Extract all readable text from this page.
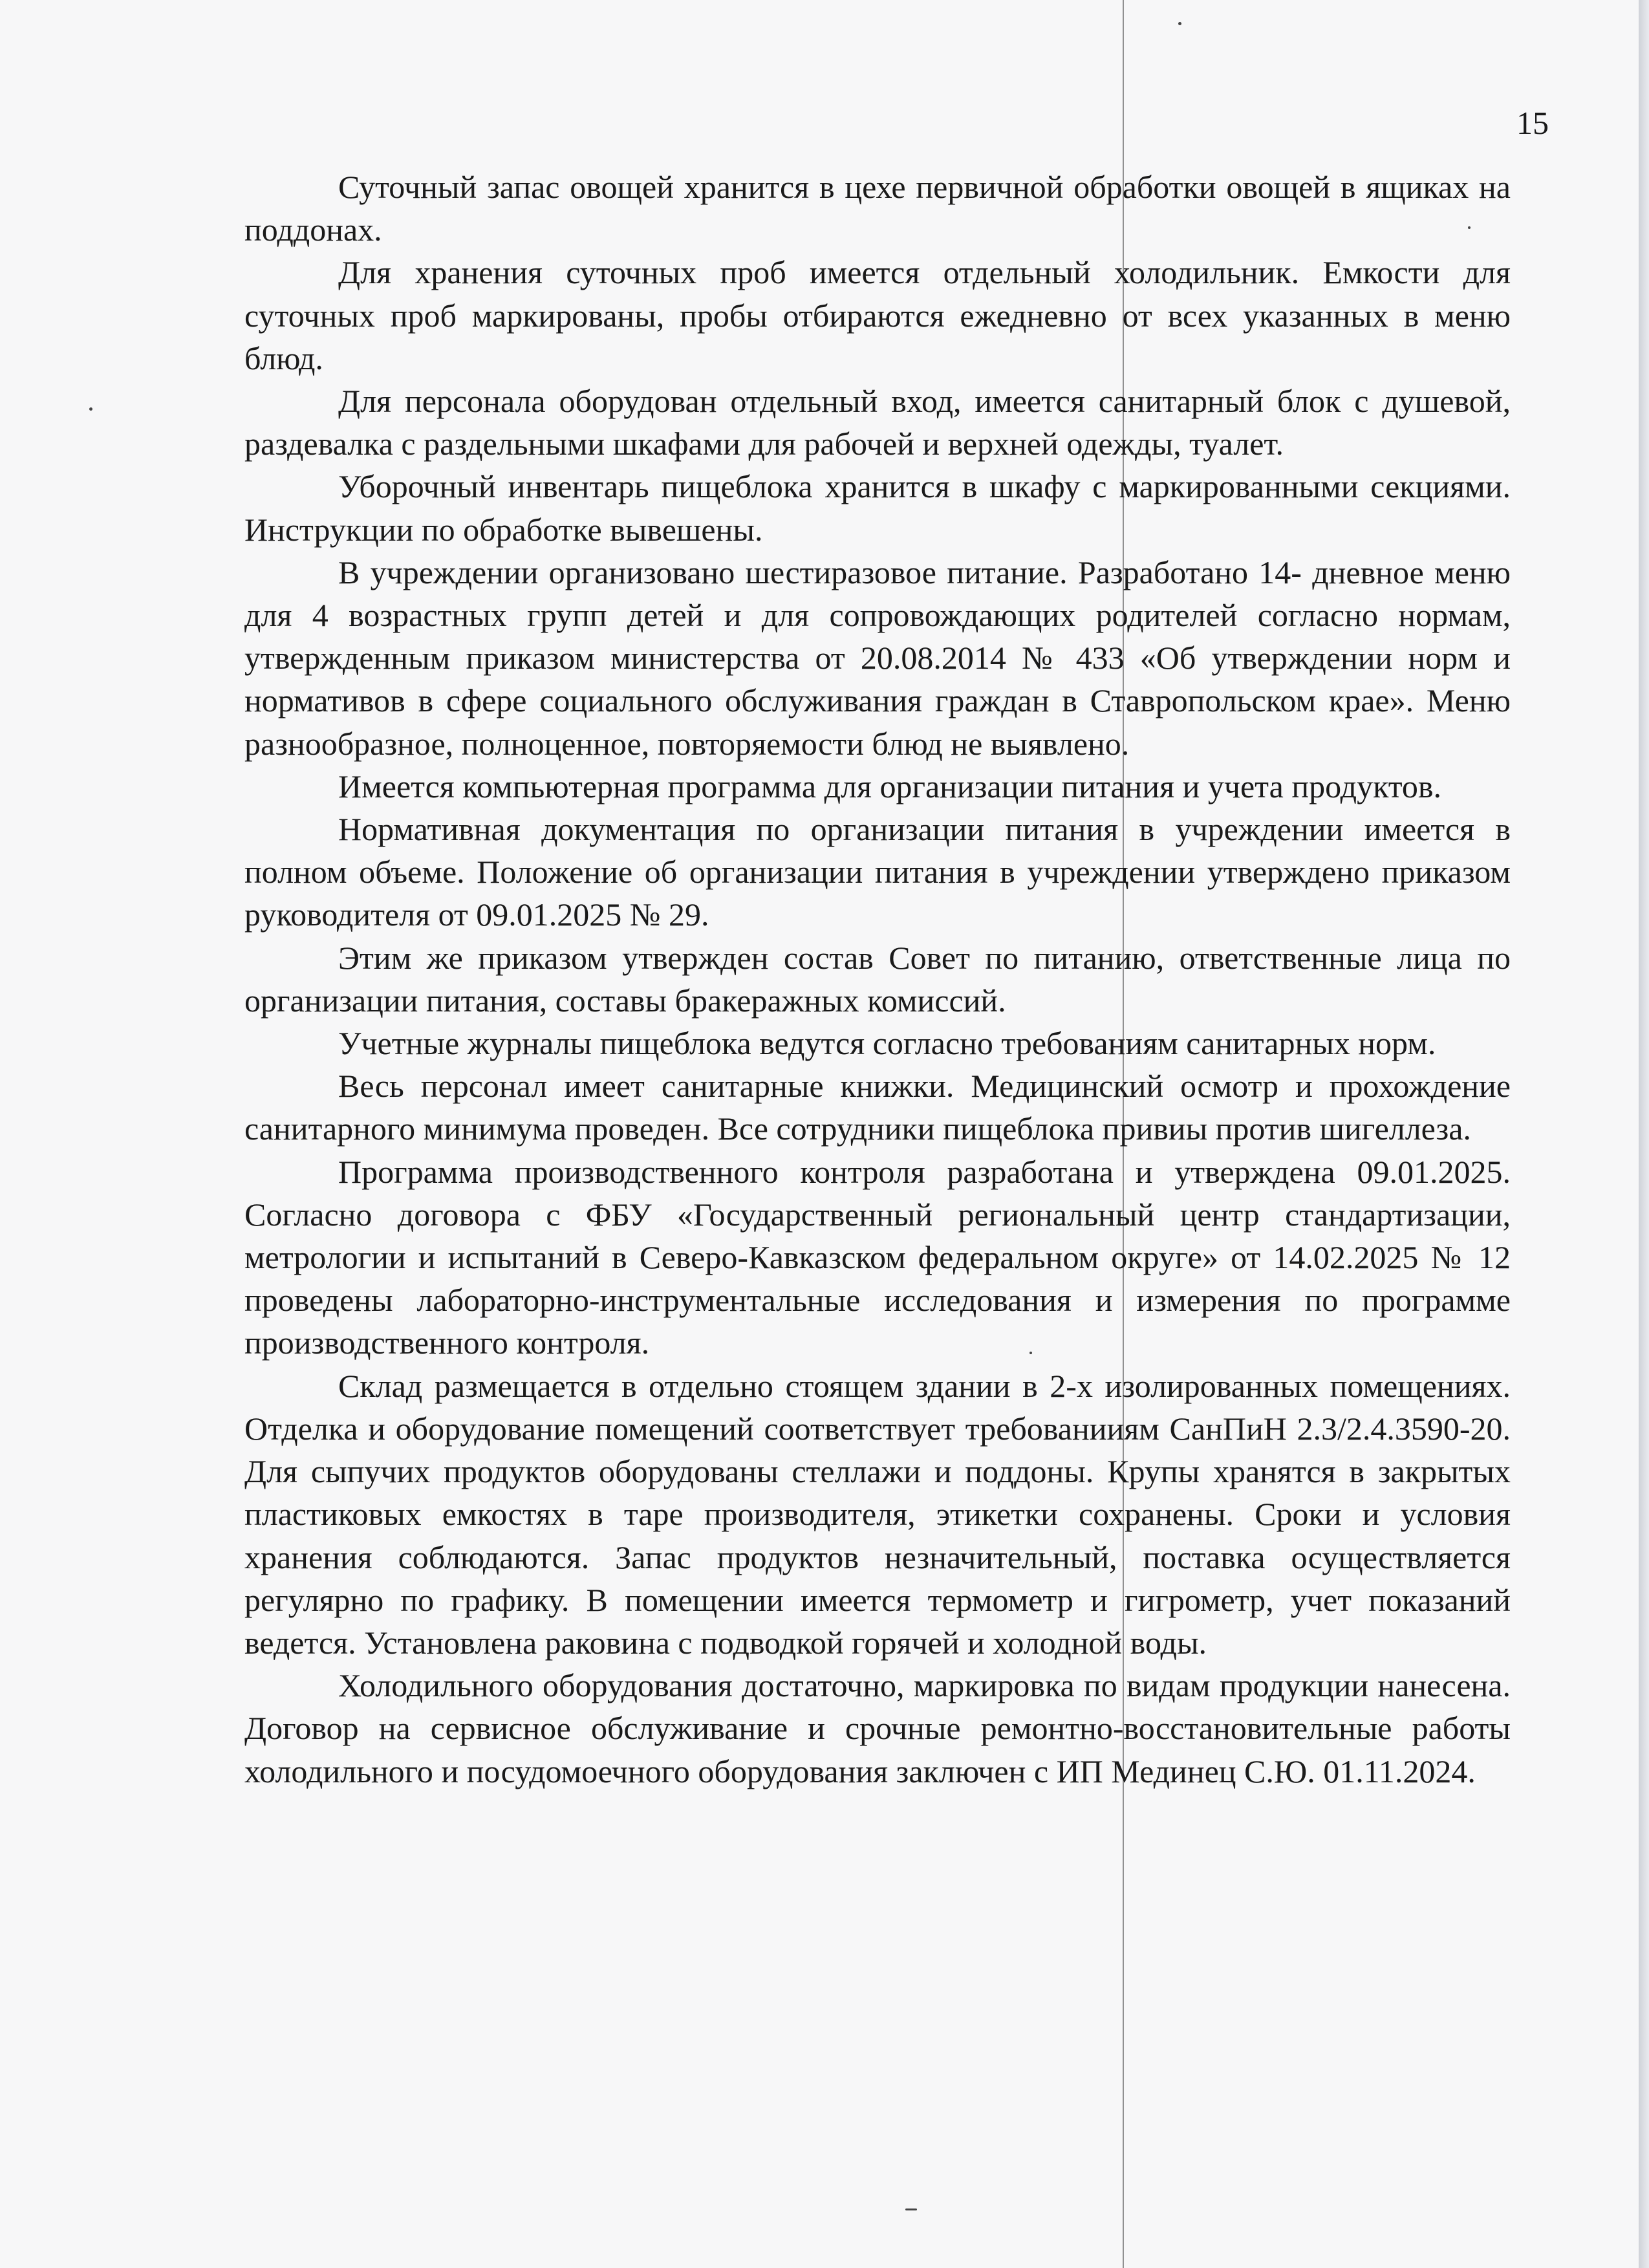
15

Суточный запас овощей хранится в цехе первичной обработки овощей в ящиках на поддонах.

Для хранения суточных проб имеется отдельный холодильник. Емкости для суточных проб маркированы, пробы отбираются ежедневно от всех указанных в меню блюд.

Для персонала оборудован отдельный вход, имеется санитарный блок с душевой, раздевалка с раздельными шкафами для рабочей и верхней одежды, туалет.

Уборочный инвентарь пищеблока хранится в шкафу с маркированными секциями. Инструкции по обработке вывешены.

В учреждении организовано шестиразовое питание. Разработано 14- дневное меню для 4 возрастных групп детей и для сопровождающих родителей согласно нормам, утвержденным приказом министерства от 20.08.2014 № 433 «Об утверждении норм и нормативов в сфере социального обслуживания граждан в Ставропольском крае». Меню разнообразное, полноценное, повторяемости блюд не выявлено.

Имеется компьютерная программа для организации питания и учета продуктов.

Нормативная документация по организации питания в учреждении имеется в полном объеме. Положение об организации питания в учреждении утверждено приказом руководителя от 09.01.2025 № 29.

Этим же приказом утвержден состав Совет по питанию, ответственные лица по организации питания, составы бракеражных комиссий.

Учетные журналы пищеблока ведутся согласно требованиям санитарных норм.

Весь персонал имеет санитарные книжки. Медицинский осмотр и прохождение санитарного минимума проведен. Все сотрудники пищеблока привиы против шигеллеза.

Программа производственного контроля разработана и утверждена 09.01.2025. Согласно договора с ФБУ «Государственный региональный центр стандартизации, метрологии и испытаний в Северо-Кавказском федеральном округе» от 14.02.2025 № 12 проведены лабораторно-инструментальные исследования и измерения по программе производственного контроля.

Склад размещается в отдельно стоящем здании в 2-х изолированных помещениях. Отделка и оборудование помещений соответствует требованииям СанПиН 2.3/2.4.3590-20. Для сыпучих продуктов оборудованы стеллажи и поддоны. Крупы хранятся в закрытых пластиковых емкостях в таре производителя, этикетки сохранены. Сроки и условия хранения соблюдаются. Запас продуктов незначительный, поставка осуществляется регулярно по графику. В помещении имеется термометр и гигрометр, учет показаний ведется. Установлена раковина с подводкой горячей и холодной воды.

Холодильного оборудования достаточно, маркировка по видам продукции нанесена. Договор на сервисное обслуживание и срочные ремонтно-восстановительные работы холодильного и посудомоечного оборудования заключен с ИП Мединец С.Ю. 01.11.2024.
